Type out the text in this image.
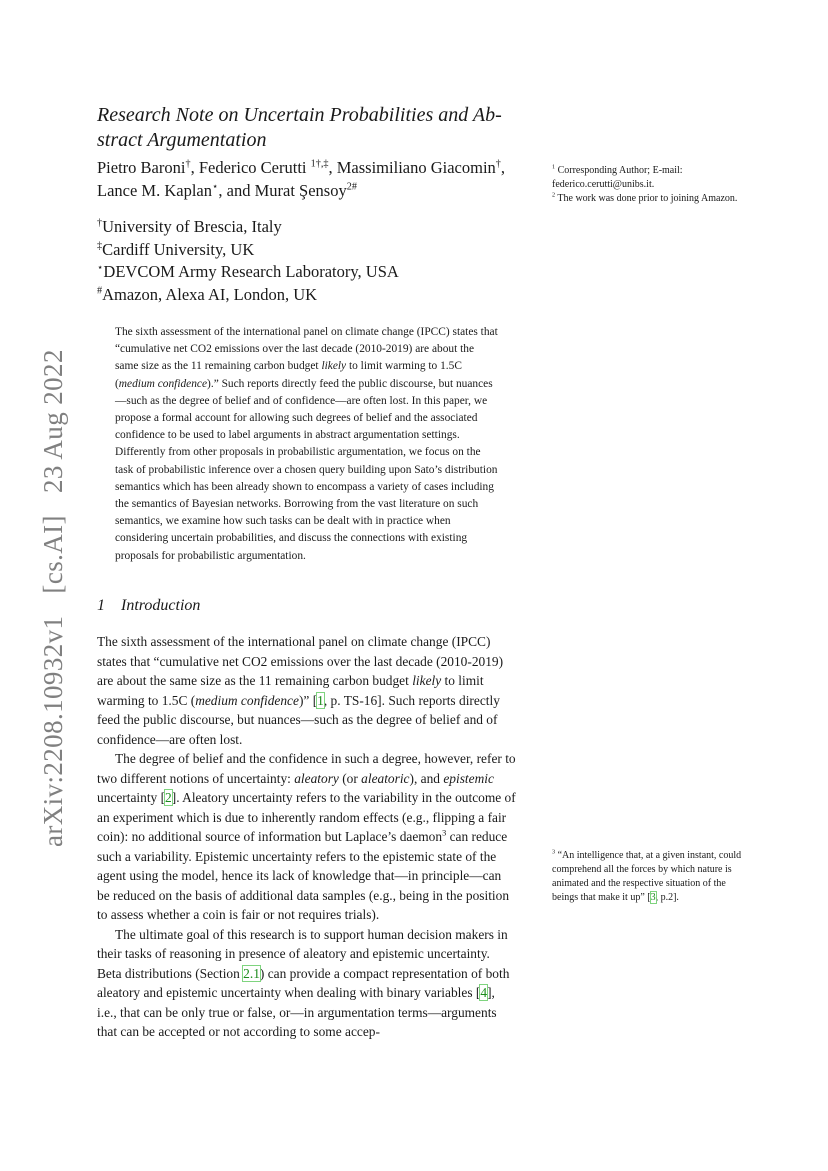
arXiv:2208.10932v1[cs.AI]23 Aug 2022
Research Note on Uncertain Probabilities and Ab-
stract Argumentation
Pietro Baroni†, Federico Cerutti $^{1\dagger,\ddagger}$, Massimiliano Giacomin†,
Lance M. Kaplan⋆, and Murat Şensoy$^{2\#}$
†University of Brescia, Italy
‡Cardiff University, UK
⋆DEVCOM Army Research Laboratory, USA
#Amazon, Alexa AI, London, UK
The sixth assessment of the international panel on climate change (IPCC) states that “cumulative net CO2 emissions over the last decade (2010-2019) are about the same size as the 11 remaining carbon budget likely to limit warming to 1.5C (medium confidence).” Such reports directly feed the public discourse, but nuances—such as the degree of belief and of confidence—are often lost. In this paper, we propose a formal account for allowing such degrees of belief and the associated confidence to be used to label arguments in abstract argumentation settings. Differently from other proposals in probabilistic argumentation, we focus on the task of probabilistic inference over a chosen query building upon Sato’s distribution semantics which has been already shown to encompass a variety of cases including the semantics of Bayesian networks. Borrowing from the vast literature on such semantics, we examine how such tasks can be dealt with in practice when considering uncertain probabilities, and discuss the connections with existing proposals for probabilistic argumentation.
1 Introduction

The sixth assessment of the international panel on climate change (IPCC) states that “cumulative net CO2 emissions over the last decade (2010-2019) are about the same size as the 11 remaining carbon budget likely to limit warming to 1.5C (medium confidence)” [1, p. TS-16]. Such reports directly feed the public discourse, but nuances—such as the degree of belief and of confidence—are often lost.

The degree of belief and the confidence in such a degree, however, refer to two different notions of uncertainty: aleatory (or aleatoric), and epistemic uncertainty [2]. Aleatory uncertainty refers to the variability in the outcome of an experiment which is due to inherently random effects (e.g., flipping a fair coin): no additional source of information but Laplace’s daemon$^3$ can reduce such a variability. Epistemic uncertainty refers to the epistemic state of the agent using the model, hence its lack of knowledge that—in principle—can be reduced on the basis of additional data samples (e.g., being in the position to assess whether a coin is fair or not requires trials).

The ultimate goal of this research is to support human decision makers in their tasks of reasoning in presence of aleatory and epistemic uncertainty. Beta distributions (Section 2.1) can provide a compact representation of both aleatory and epistemic uncertainty when dealing with binary variables [4], i.e., that can be only true or false, or—in argumentation terms—arguments that can be accepted or not according to some accep-

$^1$ Corresponding Author; E-mail: federico.cerutti@unibs.it.

$^2$ The work was done prior to joining Amazon.

$^3$ “An intelligence that, at a given instant, could comprehend all the forces by which nature is animated and the respective situation of the beings that make it up” [3, p.2].
